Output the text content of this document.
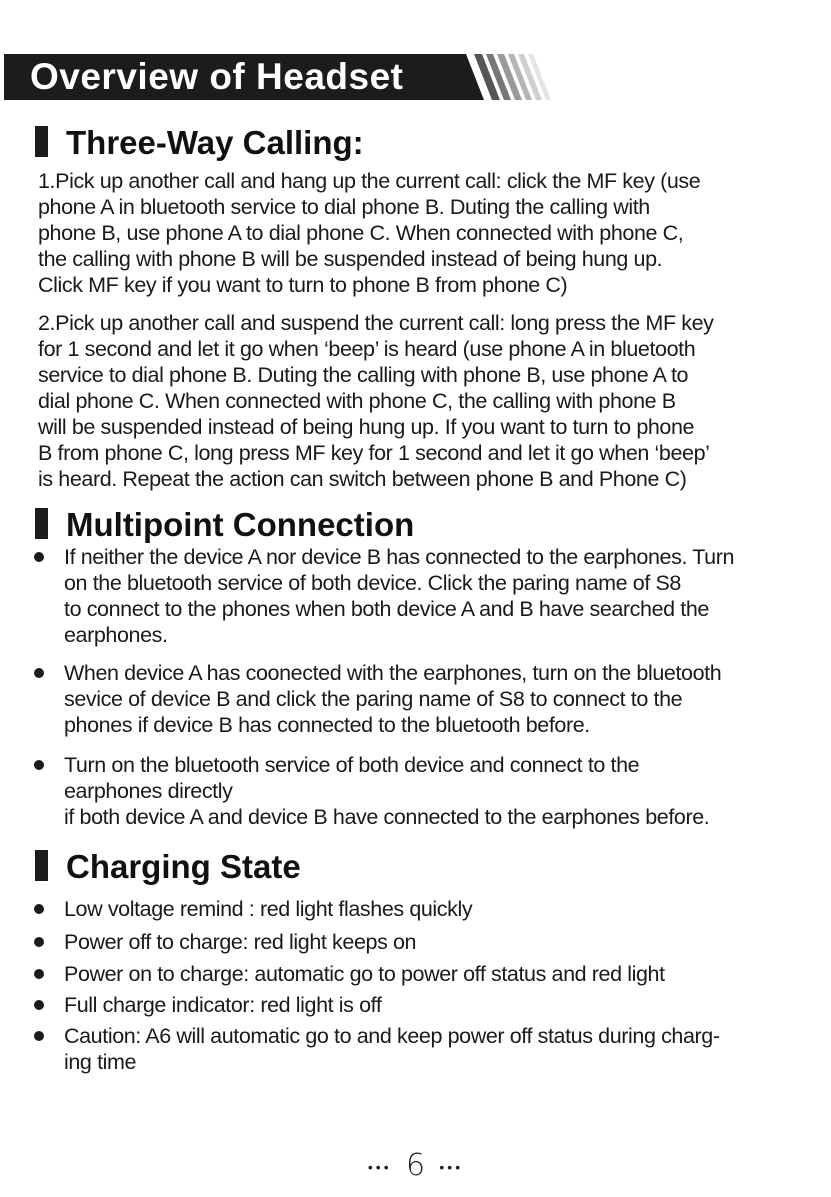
Overview of Headset
Three-Way Calling:
1.Pick up another call and hang up the current call: click the MF key (use
phone A in bluetooth service to dial phone B. Duting the calling with
phone B, use phone A to dial phone C. When connected with phone C,
the calling with phone B will be suspended instead of being hung up.
Click MF key if you want to turn to phone B from phone C)
2.Pick up another call and suspend the current call: long press the MF key
for 1 second and let it go when ‘beep’ is heard (use phone A in bluetooth
service to dial phone B. Duting the calling with phone B, use phone A to
dial phone C. When connected with phone C, the calling with phone B
will be suspended instead of being hung up. If you want to turn to phone
B from phone C, long press MF key for 1 second and let it go when ‘beep’
is heard. Repeat the action can switch between phone B and Phone C)
Multipoint Connection
If neither the device A nor device B has connected to the earphones. Turn
on the bluetooth service of both device. Click the paring name of S8
to connect to the phones when both device A and B have searched the
earphones.
When device A has coonected with the earphones, turn on the bluetooth
sevice of device B and click the paring name of S8 to connect to the
phones if device B has connected to the bluetooth before.
Turn on the bluetooth service of both device and connect to the
earphones directly
if both device A and device B have connected to the earphones before.
Charging State
Low voltage remind : red light flashes quickly
Power off to charge: red light keeps on
Power on to charge: automatic go to power off status and red light
Full charge indicator: red light is off
Caution: A6 will automatic go to and keep power off status during charg-
ing time
••• 6 •••
